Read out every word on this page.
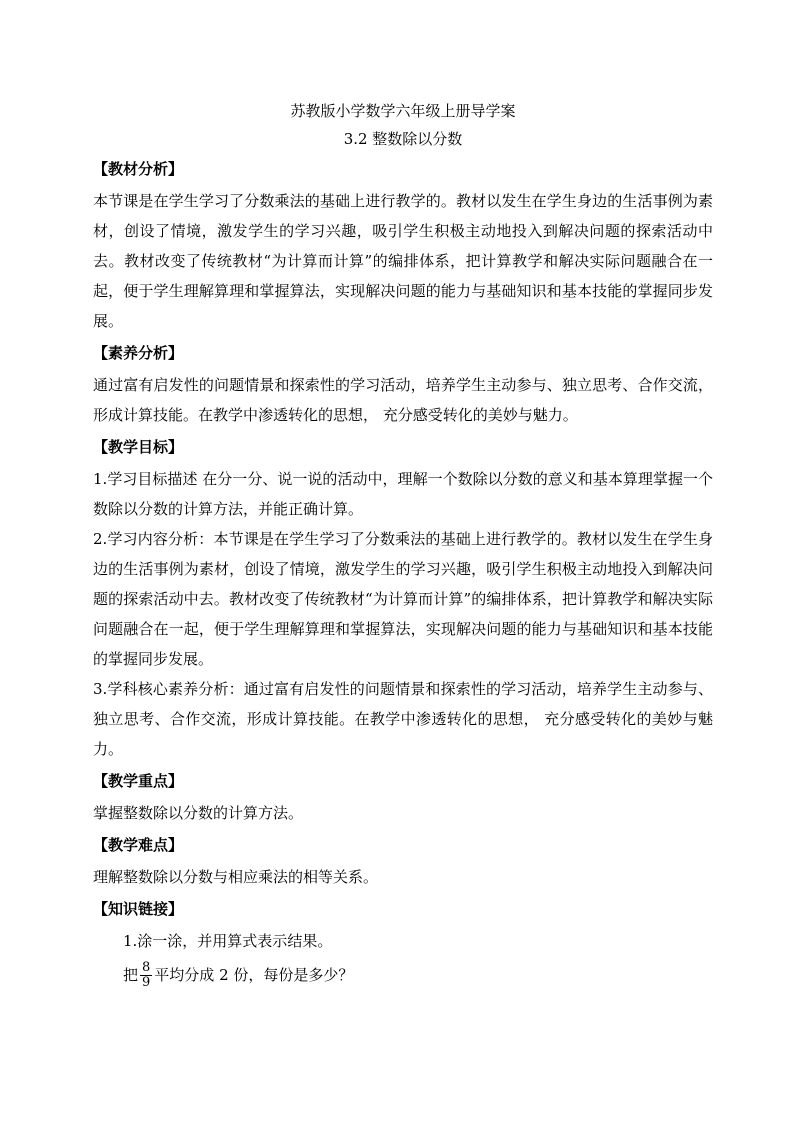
苏教版小学数学六年级上册导学案

3.2 整数除以分数

【教材分析】

本节课是在学生学习了分数乘法的基础上进行教学的。教材以发生在学生身边的生活事例为素材，创设了情境，激发学生的学习兴趣，吸引学生积极主动地投入到解决问题的探索活动中去。教材改变了传统教材“为计算而计算”的编排体系，把计算教学和解决实际问题融合在一起，便于学生理解算理和掌握算法，实现解决问题的能力与基础知识和基本技能的掌握同步发展。

【素养分析】

通过富有启发性的问题情景和探索性的学习活动，培养学生主动参与、独立思考、合作交流，形成计算技能。在教学中渗透转化的思想， 充分感受转化的美妙与魅力。

【教学目标】

1.学习目标描述 在分一分、说一说的活动中，理解一个数除以分数的意义和基本算理掌握一个数除以分数的计算方法，并能正确计算。

2.学习内容分析：本节课是在学生学习了分数乘法的基础上进行教学的。教材以发生在学生身边的生活事例为素材，创设了情境，激发学生的学习兴趣，吸引学生积极主动地投入到解决问题的探索活动中去。教材改变了传统教材“为计算而计算”的编排体系，把计算教学和解决实际问题融合在一起，便于学生理解算理和掌握算法，实现解决问题的能力与基础知识和基本技能的掌握同步发展。

3.学科核心素养分析：通过富有启发性的问题情景和探索性的学习活动，培养学生主动参与、独立思考、合作交流，形成计算技能。在教学中渗透转化的思想， 充分感受转化的美妙与魅力。

【教学重点】

掌握整数除以分数的计算方法。

【教学难点】

理解整数除以分数与相应乘法的相等关系。

【知识链接】

1.涂一涂，并用算式表示结果。

把 $\frac{8}{9}$ 平均分成 2 份，每份是多少？
